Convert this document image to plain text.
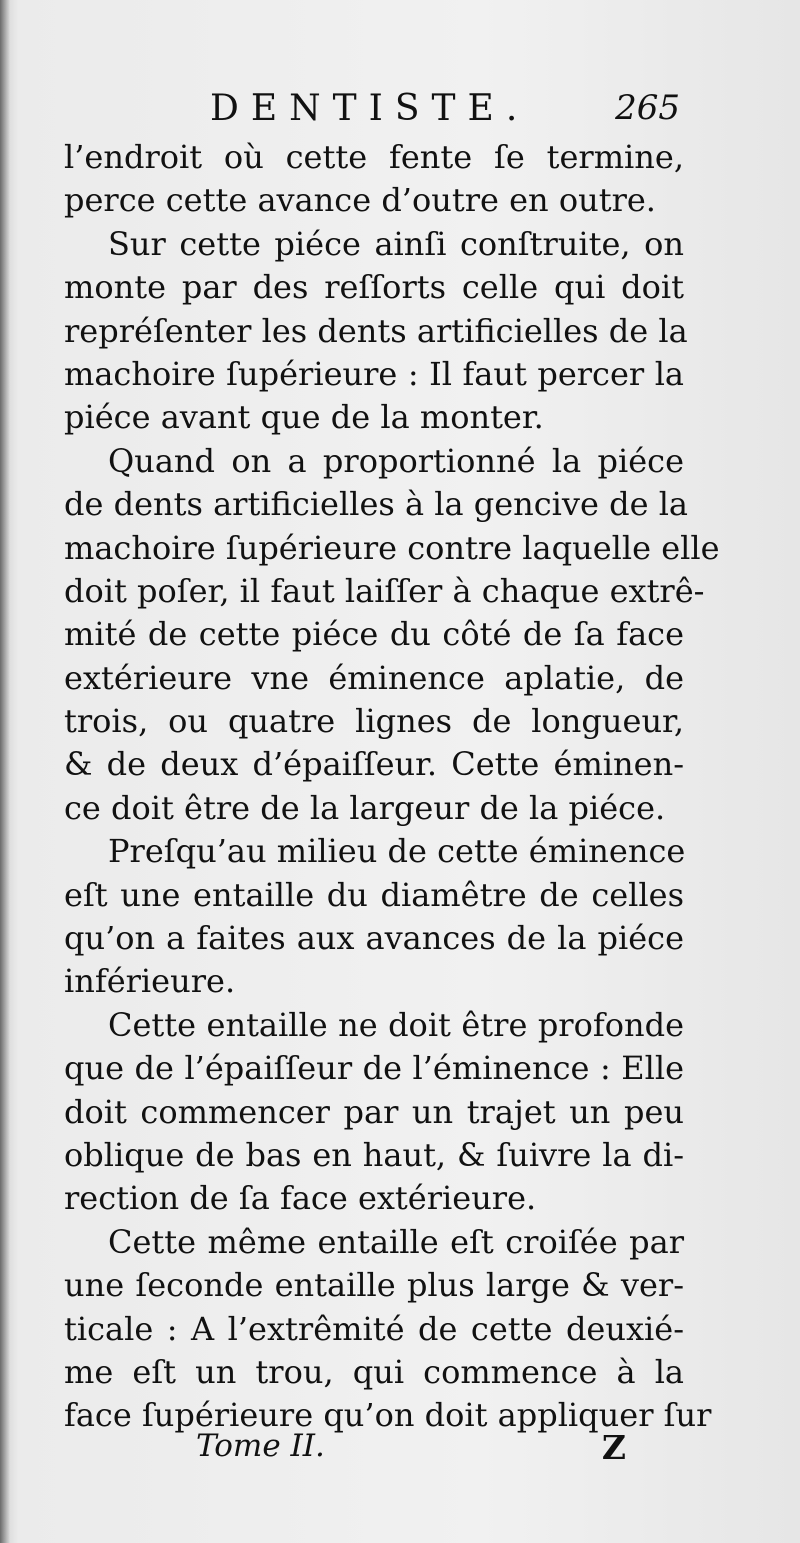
DENTISTE.	265
l’endroit où cette fente ſe termine,
perce cette avance d’outre en outre.
Sur cette piéce ainſi conſtruite, on
monte par des reſſorts celle qui doit
repréſenter les dents artificielles de la
machoire ſupérieure : Il faut percer la
piéce avant que de la monter.
Quand on a proportionné la piéce
de dents artificielles à la gencive de la
machoire ſupérieure contre laquelle elle
doit poſer, il faut laiſſer à chaque extrê-
mité de cette piéce du côté de ſa face
extérieure vne éminence aplatie, de
trois, ou quatre lignes de longueur,
& de deux d’épaiſſeur. Cette éminen-
ce doit être de la largeur de la piéce.
Preſqu’au milieu de cette éminence
eſt une entaille du diamêtre de celles
qu’on a faites aux avances de la piéce
inférieure.
Cette entaille ne doit être profonde
que de l’épaiſſeur de l’éminence : Elle
doit commencer par un trajet un peu
oblique de bas en haut, & ſuivre la di-
rection de ſa face extérieure.
Cette même entaille eſt croiſée par
une ſeconde entaille plus large & ver-
ticale : A l’extrêmité de cette deuxié-
me eſt un trou, qui commence à la
face ſupérieure qu’on doit appliquer ſur
Tome II.	Z
